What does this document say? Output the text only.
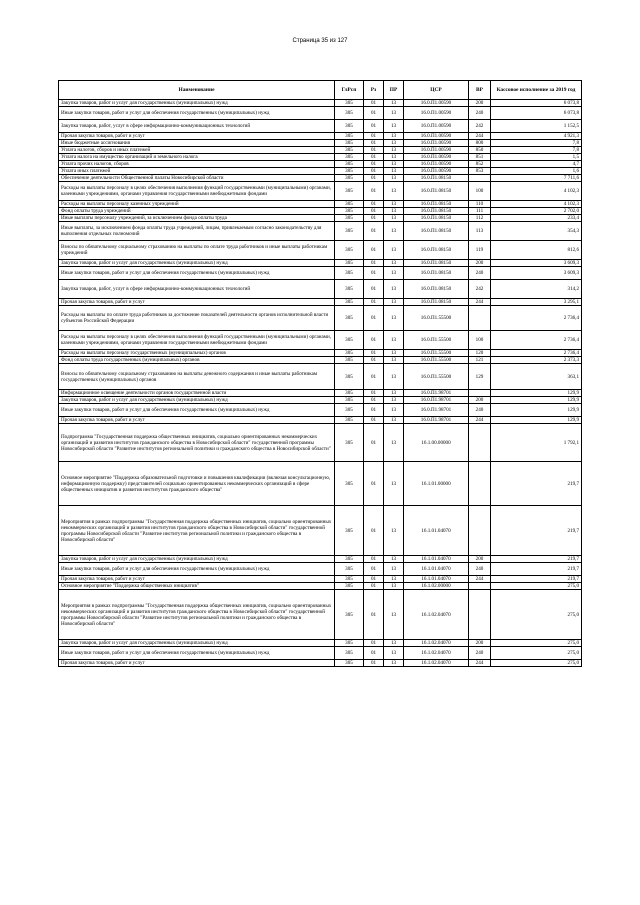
Страница 35 из 127
Наименование	ГлРсп	Рз	ПР	ЦСР	ВР	Кассовое исполнение за 2019 год
Закупка товаров, работ и услуг для государственных (муниципальных) нужд	305	01	13	16.0.П1.00590	200	6 073,8
Иные закупки товаров, работ и услуг для обеспечения государственных (муниципальных) нужд	305	01	13	16.0.П1.00590	240	6 073,8
Закупка товаров, работ, услуг в сфере информационно-коммуникационных технологий	305	01	13	16.0.П1.00590	242	1 152,5
Прочая закупка товаров, работ и услуг	305	01	13	16.0.П1.00590	244	4 921,3
Иные бюджетные ассигнования	305	01	13	16.0.П1.00590	800	7,8
Уплата налогов, сборов и иных платежей	305	01	13	16.0.П1.00590	850	7,8
Уплата налога на имущество организаций и земельного налога	305	01	13	16.0.П1.00590	851	1,5
Уплата прочих налогов, сборов	305	01	13	16.0.П1.00590	852	4,7
Уплата иных платежей	305	01	13	16.0.П1.00590	853	1,6
Обеспечение деятельности Общественной палаты Новосибирской области	305	01	13	16.0.П1.08150		7 711,6
Расходы на выплаты персоналу в целях обеспечения выполнения функций государственными (муниципальными) органами, казенными учреждениями, органами управления государственными внебюджетными фондами	305	01	13	16.0.П1.08150	100	4 102,3
Расходы на выплаты персоналу казенных учреждений	305	01	13	16.0.П1.08150	110	4 102,3
Фонд оплаты труда учреждений	305	01	13	16.0.П1.08150	111	2 702,0
Иные выплаты персоналу учреждений, за исключением фонда оплаты труда	305	01	13	16.0.П1.08150	112	233,4
Иные выплаты, за исключением фонда оплаты труда учреждений, лицам, привлекаемым согласно законодательству для выполнения отдельных полномочий	305	01	13	16.0.П1.08150	113	354,3
Взносы по обязательному социальному страхованию на выплаты по оплате труда работников и иные выплаты работникам учреждений	305	01	13	16.0.П1.08150	119	812,6
Закупка товаров, работ и услуг для государственных (муниципальных) нужд	305	01	13	16.0.П1.08150	200	3 609,3
Иные закупки товаров, работ и услуг для обеспечения государственных (муниципальных) нужд	305	01	13	16.0.П1.08150	240	3 609,3
Закупка товаров, работ, услуг в сфере информационно-коммуникационных технологий	305	01	13	16.0.П1.08150	242	314,2
Прочая закупка товаров, работ и услуг	305	01	13	16.0.П1.08150	244	3 295,1
Расходы на выплаты по оплате труда работников за достижение показателей деятельности органов исполнительной власти субъектов Российской Федерации	305	01	13	16.0.П1.55500		2 736,4
Расходы на выплаты персоналу в целях обеспечения выполнения функций государственными (муниципальными) органами, казенными учреждениями, органами управления государственными внебюджетными фондами	305	01	13	16.0.П1.55500	100	2 736,4
Расходы на выплаты персоналу государственных (муниципальных) органов	305	01	13	16.0.П1.55500	120	2 736,4
Фонд оплаты труда государственных (муниципальных) органов	305	01	13	16.0.П1.55500	121	2 373,3
Взносы по обязательному социальному страхованию на выплаты денежного содержания и иные выплаты работникам государственных (муниципальных) органов	305	01	13	16.0.П1.55500	129	363,1
Информационное освещение деятельности органов государственной власти	305	01	13	16.0.П1.98701		129,9
Закупка товаров, работ и услуг для государственных (муниципальных) нужд	305	01	13	16.0.П1.98701	200	129,9
Иные закупки товаров, работ и услуг для обеспечения государственных (муниципальных) нужд	305	01	13	16.0.П1.98701	240	129,9
Прочая закупка товаров, работ и услуг	305	01	13	16.0.П1.98701	244	129,9
Подпрограмма "Государственная поддержка общественных инициатив, социально ориентированных некоммерческих организаций и развития институтов гражданского общества в Новосибирской области" государственной программы Новосибирской области "Развитие институтов региональной политики и гражданского общества в Новосибирской области"	305	01	13	16.1.00.00000		1 792,1
Основное мероприятие "Поддержка образовательной подготовки и повышения квалификации (включая консультационную, информационную поддержку) представителей социально ориентированных некоммерческих организаций в сфере общественных инициатив и развития институтов гражданского общества"	305	01	13	16.1.01.00000		219,7
Мероприятия в рамках подпрограммы "Государственная поддержка общественных инициатив, социально ориентированных некоммерческих организаций и развития институтов гражданского общества в Новосибирской области" государственной программы Новосибирской области "Развитие институтов региональной политики и гражданского общества в Новосибирской области"	305	01	13	16.1.01.04070		219,7
Закупка товаров, работ и услуг для государственных (муниципальных) нужд	305	01	13	16.1.01.04070	200	219,7
Иные закупки товаров, работ и услуг для обеспечения государственных (муниципальных) нужд	305	01	13	16.1.01.04070	240	219,7
Прочая закупка товаров, работ и услуг	305	01	13	16.1.01.04070	244	219,7
Основное мероприятие "Поддержка общественных инициатив"	305	01	13	16.1.02.00000		275,0
Мероприятия в рамках подпрограммы "Государственная поддержка общественных инициатив, социально ориентированных некоммерческих организаций и развития институтов гражданского общества в Новосибирской области" государственной программы Новосибирской области "Развитие институтов региональной политики и гражданского общества в Новосибирской области"	305	01	13	16.1.02.04070		275,0
Закупка товаров, работ и услуг для государственных (муниципальных) нужд	305	01	13	16.1.02.04070	200	275,0
Иные закупки товаров, работ и услуг для обеспечения государственных (муниципальных) нужд	305	01	13	16.1.02.04070	240	275,0
Прочая закупка товаров, работ и услуг	305	01	13	16.1.02.04070	244	275,0
